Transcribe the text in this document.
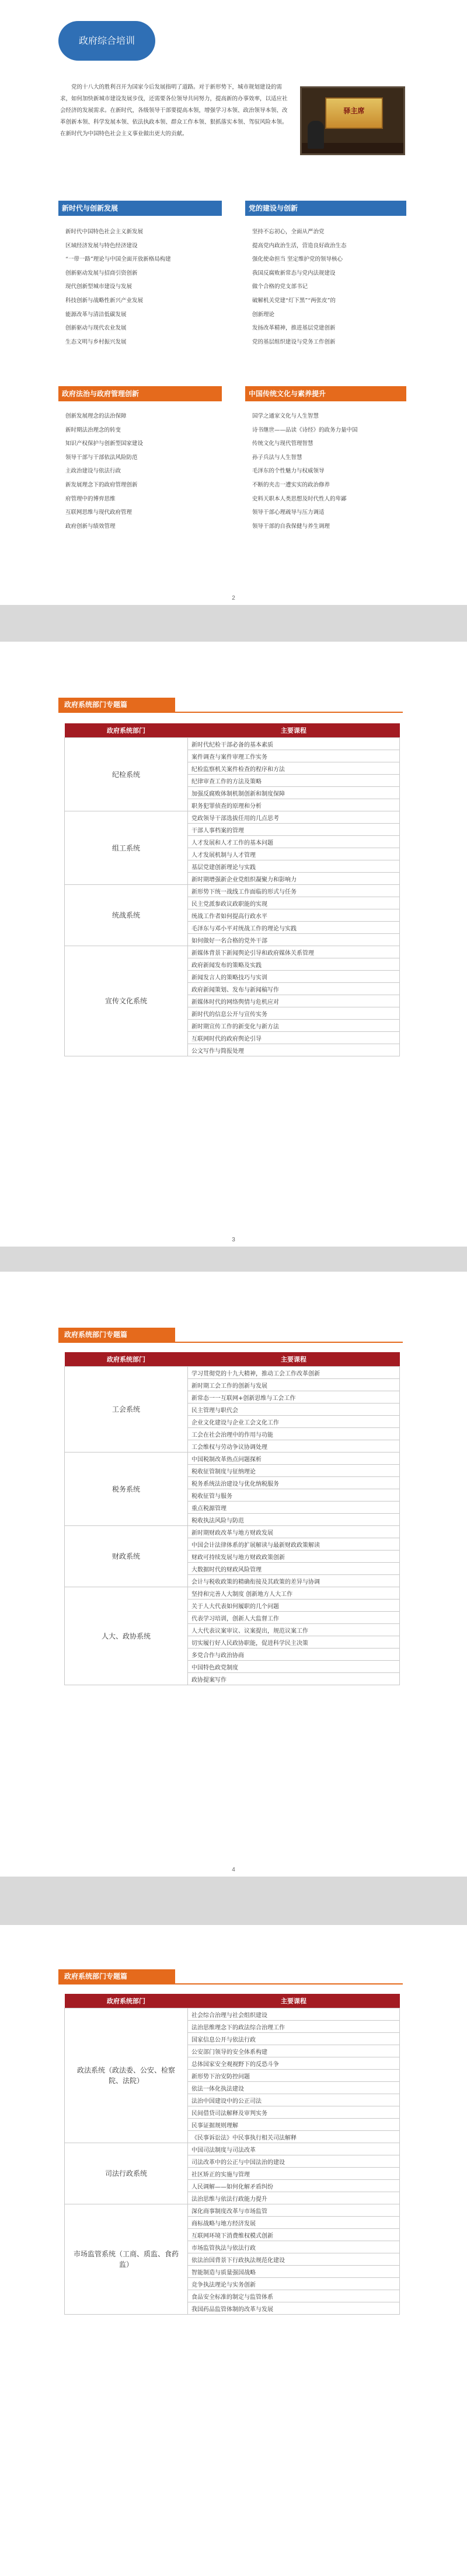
政府综合培训
党的十八大的胜利召开为国家今后发展指明了道路。对于新形势下，城市规划建设的需求，如何加快新城市建设发展步伐，还需要各位领导共同努力，提高新的办事效率，以适应社会经济的发展需求。在新时代，各级领导干部要提高本领，增强学习本领、政治领导本领、改革创新本领、科学发展本领、依法执政本领、群众工作本领、狠抓落实本领、驾驭风险本领。在新时代为中国特色社会主义事业做出更大的贡献。
驿主席
新时代与创新发展	党的建设与创新
新时代中国特色社会主义新发展
区域经济发展与特色经济建设
“一带一路”理论与中国全面开放新格局构建
创新驱动发展与招商引资创新
现代创新型城市建设与发展
科技创新与战略性新兴产业发展
能源改革与清洁低碳发展
创新驱动与现代农业发展
生态文明与乡村振兴发展
坚持不忘初心，全面从严治党
提高党内政治生活，营造良好政治生态
强化使命担当 坚定维护党的领导核心
我国反腐败新常态与党内法规建设
做个合格的党支部书记
破解机关党建“灯下黑”“两张皮”的
创新理论
发扬改革精神，推进基层党建创新
党的基层组织建设与党务工作创新
政府法治与政府管理创新	中国传统文化与素养提升
创新发展理念的法治保障
新时期法治理念的转变
知识产权保护与创新型国家建设
领导干部与干部依法风险防范
主政治建设与依法行政
新发展理念下的政府管理创新
府管理中的博弈思维
互联网思维与现代政府管理
政府创新与绩效管理
国学之通家文化与人生智慧
诗书继世——品读《诗经》的政务力量中国
传统文化与现代管理智慧
孙子兵法与人生智慧
毛泽东的个性魅力与权威领导
不断的夹击一遭实实的政治修养
史料天职本人类思想及时代性人的卑鄙
领导干部心理疏导与压力调适
领导干部的自我保健与养生调理
2
政府系统部门专题篇
政府系统部门	主要课程
纪检系统	新时代纪检干部必备的基本素质
	案件调查与案件审理工作实务
	纪检监察机关案件检查的程序和方法
	纪律审查工作的方法及策略
	加强反腐败体制机制创新和制度保障
	职务犯罪侦查的原理和分析
组工系统	党政领导干部选拔任用的几点思考
	干部人事档案的管理
	人才发展和人才工作的基本问题
	人才发展机制与人才管理
	基层党建创新理论与实践
	新时期增强新企业党组织凝聚力和影响力
统战系统	新形势下统一战线工作面临的形式与任务
	民主党派参政议政职能的实现
	统战工作者如何提高行政水平
	毛泽东与邓小平对统战工作的理论与实践
	如何做好一名合格的党外干部
宣传文化系统	新媒体背景下新闻舆论引导和政府媒体关系管理
	政府新闻发布的策略及实践
	新闻发言人的策略技巧与实训
	政府新闻策划、发布与新闻稿写作
	新媒体时代的网络舆情与危机应对
	新时代的信息公开与宣传实务
	新时期宣传工作的新变化与新方法
	互联网时代的政府舆论引导
	公文写作与简报处理
3
政府系统部门专题篇
政府系统部门	主要课程
工会系统	学习贯彻党的十九大精神，推动工会工作改革创新
	新时期工会工作的创新与发展
	新常态一一互联网+创新思维与工会工作
	民主管理与职代会
	企业文化建设与企业工会文化工作
	工会在社会治理中的作用与功能
	工会维权与劳动争议协调处理
税务系统	中国税制改革热点问题探析
	税收征管制度与征纳理论
	税务系统法治建设与优化纳税服务
	税收征管与服务
	重点税源管理
	税收执法风险与防范
财政系统	新时期财政改革与地方财政发展
	中国会计法律体系的扩展解读与最新财政政策解读
	财政可持续发展与地方财政政策创新
	大数据时代的财政风险管理
	会计与税收政策的精确衔接及其政策的差异与协调
人大、政协系统	坚持和完善人大制度 创新地方人大工作
	关于人大代表如何履职的几个问题
	代表学习培训，创新人大监督工作
	人大代表议案审议、议案提出，规范议案工作
	切实履行好人民政协职能，促进科学民主决策
	多党合作与政治协商
	中国特色政党制度
	政协提案写作
4
政府系统部门专题篇
政府系统部门	主要课程
政法系统（政法委、公安、检察院、法院）	社会综合治理与社会组织建设
	法治思维理念下的政法综合治理工作
	国家信息公开与依法行政
	公安部门领导的安全体系构建
	总体国家安全观视野下的反恐斗争
	新形势下治安防控问题
	依法一体化执法建设
	法治中国建设中的公正司法
	民间借贷司法解释及审判实务
	民事证据规则理解
	《民事诉讼法》中民事执行相关司法解释
司法行政系统	中国司法制度与司法改革
	司法改革中的公正与中国法治的建设
	社区矫正的实施与管理
	人民调解——如何化解矛盾纠纷
	法治思维与依法行政能力提升
市场监管系统（工商、质监、食药监）	深化商事制度改革与市场监管
	商标战略与地方经济发展
	互联网环境下消费维权模式创新
	市场监管执法与依法行政
	依法治国背景下行政执法规范化建设
	智能制造与质量强国战略
	竞争执法理论与实务创新
	食品安全标准的制定与监管体系
	我国药品监管体制的改革与发展
